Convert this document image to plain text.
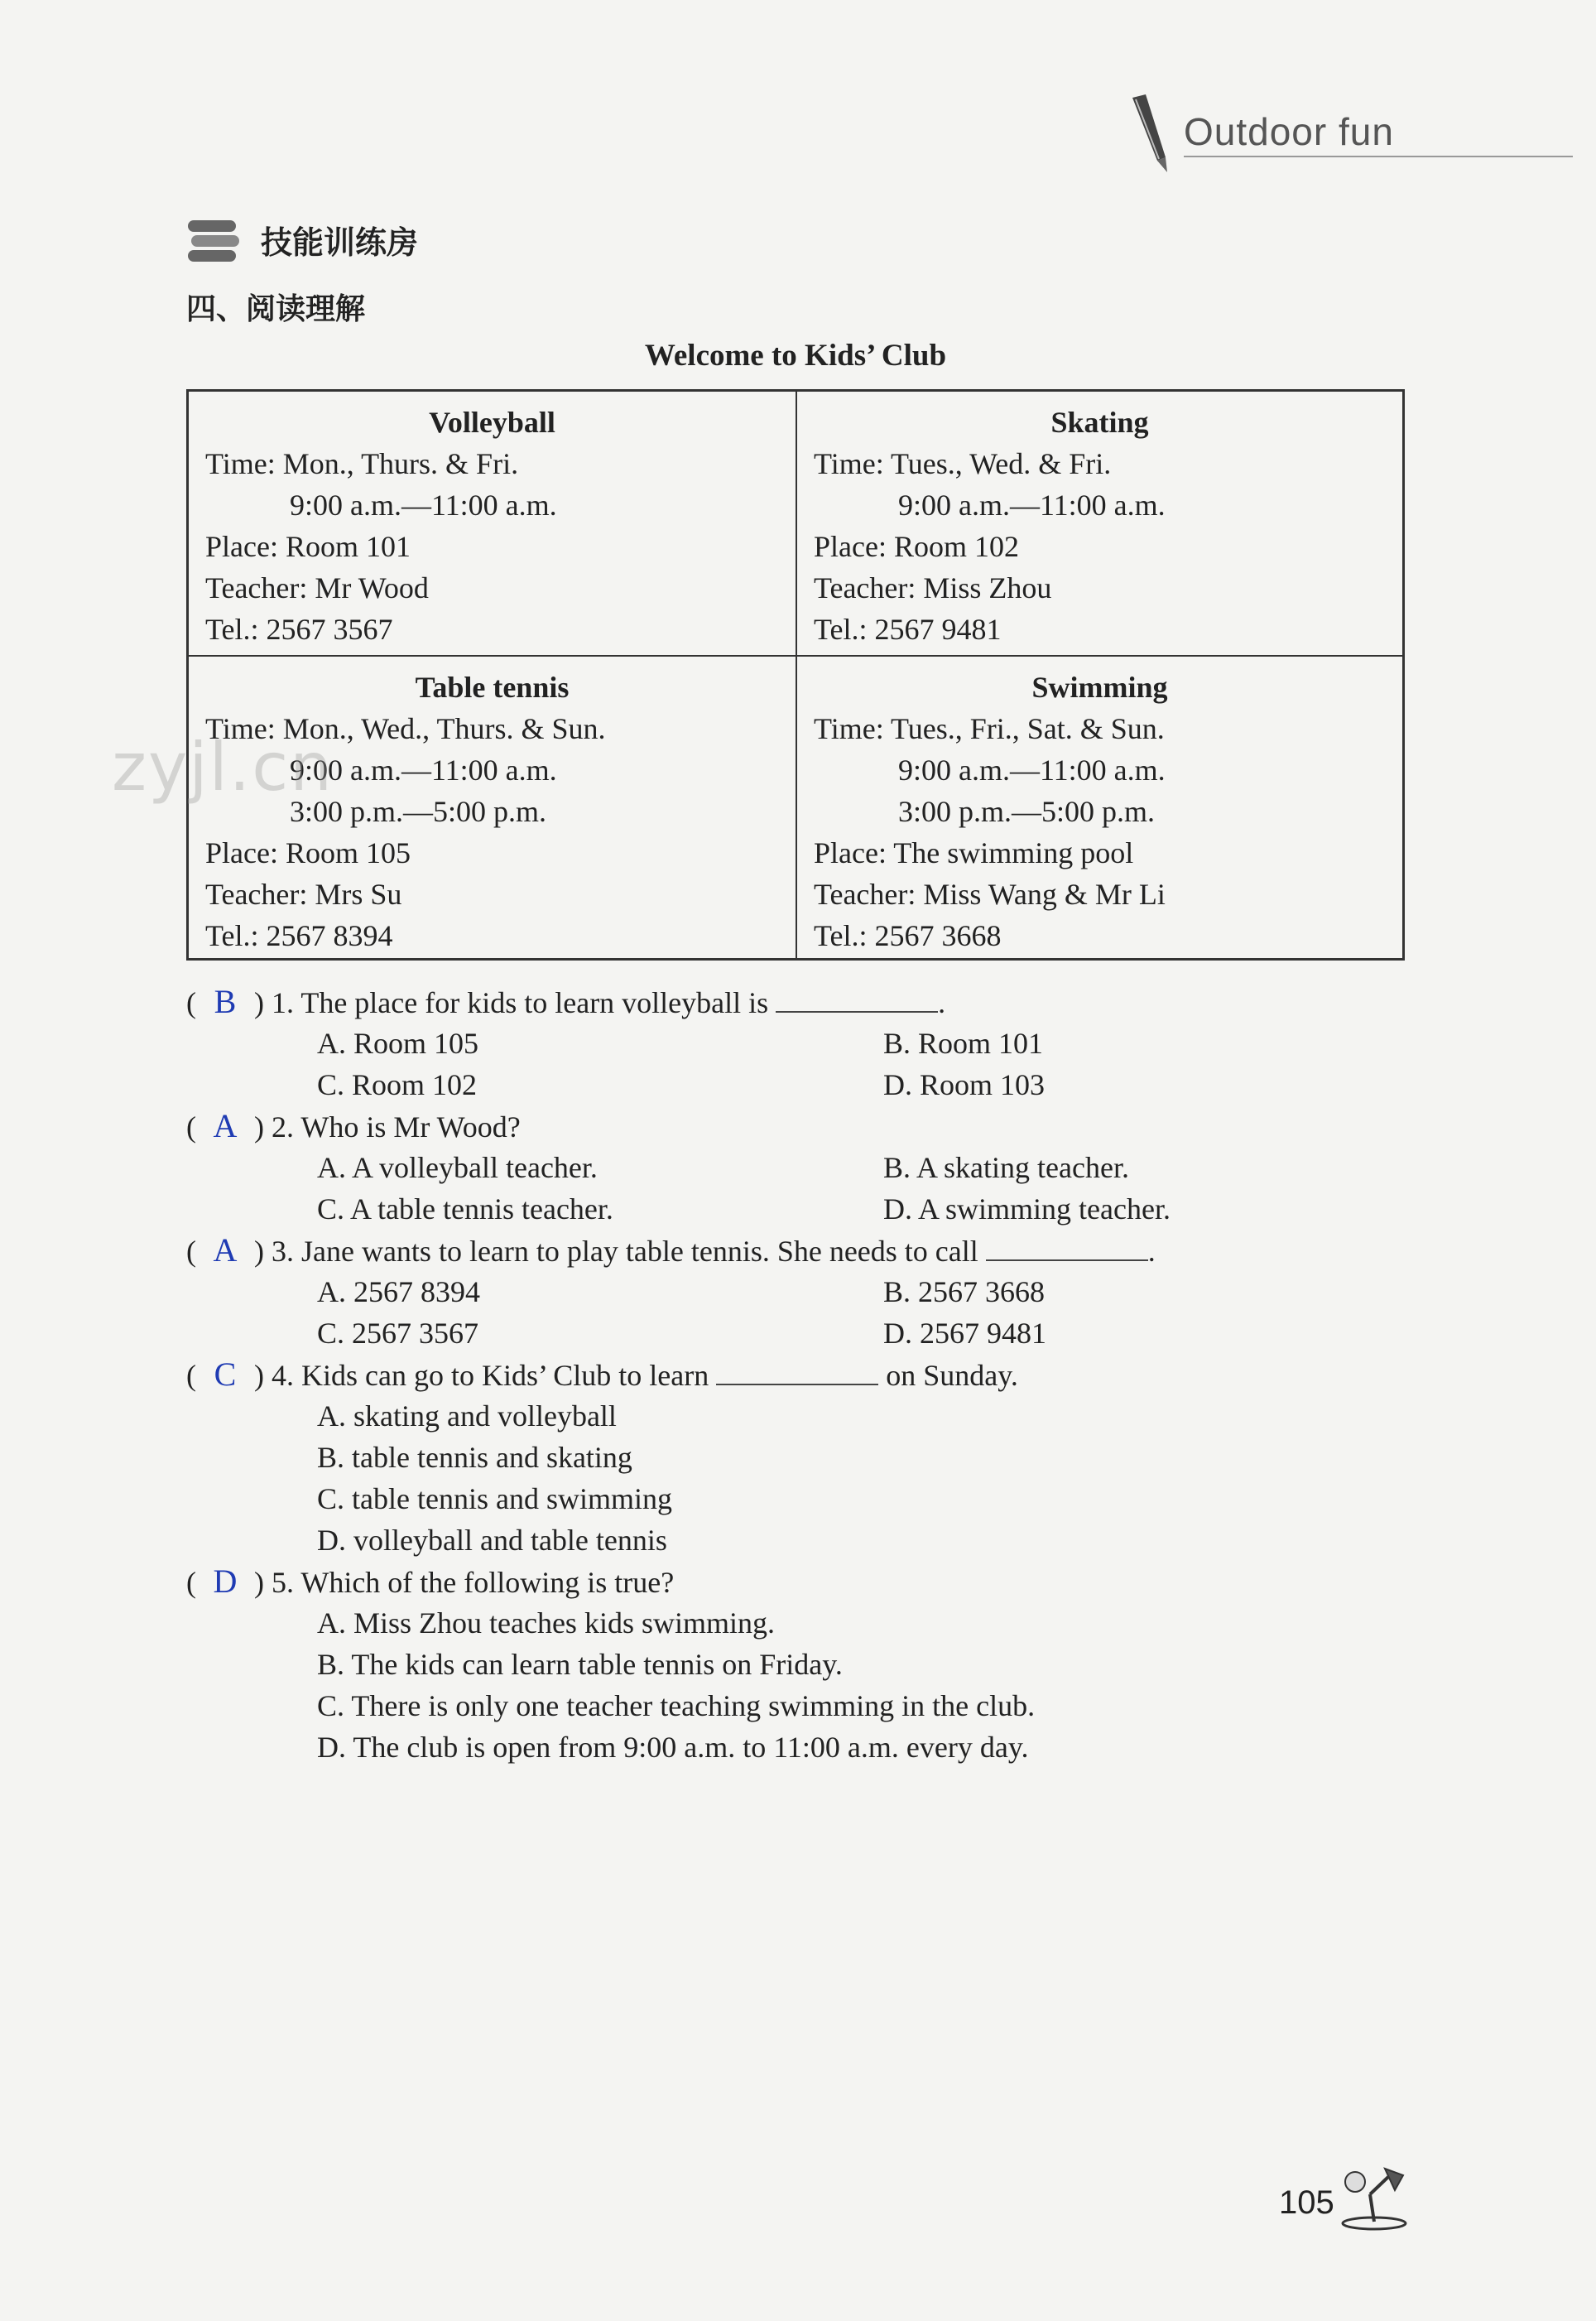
Outdoor fun
技能训练房
四、阅读理解
Welcome to Kids’ Club
Volleyball
Time: Mon., Thurs. & Fri.
9:00 a.m.—11:00 a.m.
Place: Room 101
Teacher: Mr Wood
Tel.: 2567 3567
Skating
Time: Tues., Wed. & Fri.
9:00 a.m.—11:00 a.m.
Place: Room 102
Teacher: Miss Zhou
Tel.: 2567 9481
Table tennis
Time: Mon., Wed., Thurs. & Sun.
9:00 a.m.—11:00 a.m.
3:00 p.m.—5:00 p.m.
Place: Room 105
Teacher: Mrs Su
Tel.: 2567 8394
Swimming
Time: Tues., Fri., Sat. & Sun.
9:00 a.m.—11:00 a.m.
3:00 p.m.—5:00 p.m.
Place: The swimming pool
Teacher: Miss Wang & Mr Li
Tel.: 2567 3668
zyjl.cn
( B ) 1. The place for kids to learn volleyball is	.
A. Room 105	B. Room 101
C. Room 102	D. Room 103
( A ) 2. Who is Mr Wood?
A. A volleyball teacher.	B. A skating teacher.
C. A table tennis teacher.	D. A swimming teacher.
( A ) 3. Jane wants to learn to play table tennis. She needs to call	.
A. 2567 8394	B. 2567 3668
C. 2567 3567	D. 2567 9481
( C ) 4. Kids can go to Kids’ Club to learn	on Sunday.
A. skating and volleyball
B. table tennis and skating
C. table tennis and swimming
D. volleyball and table tennis
( D ) 5. Which of the following is true?
A. Miss Zhou teaches kids swimming.
B. The kids can learn table tennis on Friday.
C. There is only one teacher teaching swimming in the club.
D. The club is open from 9:00 a.m. to 11:00 a.m. every day.
105
